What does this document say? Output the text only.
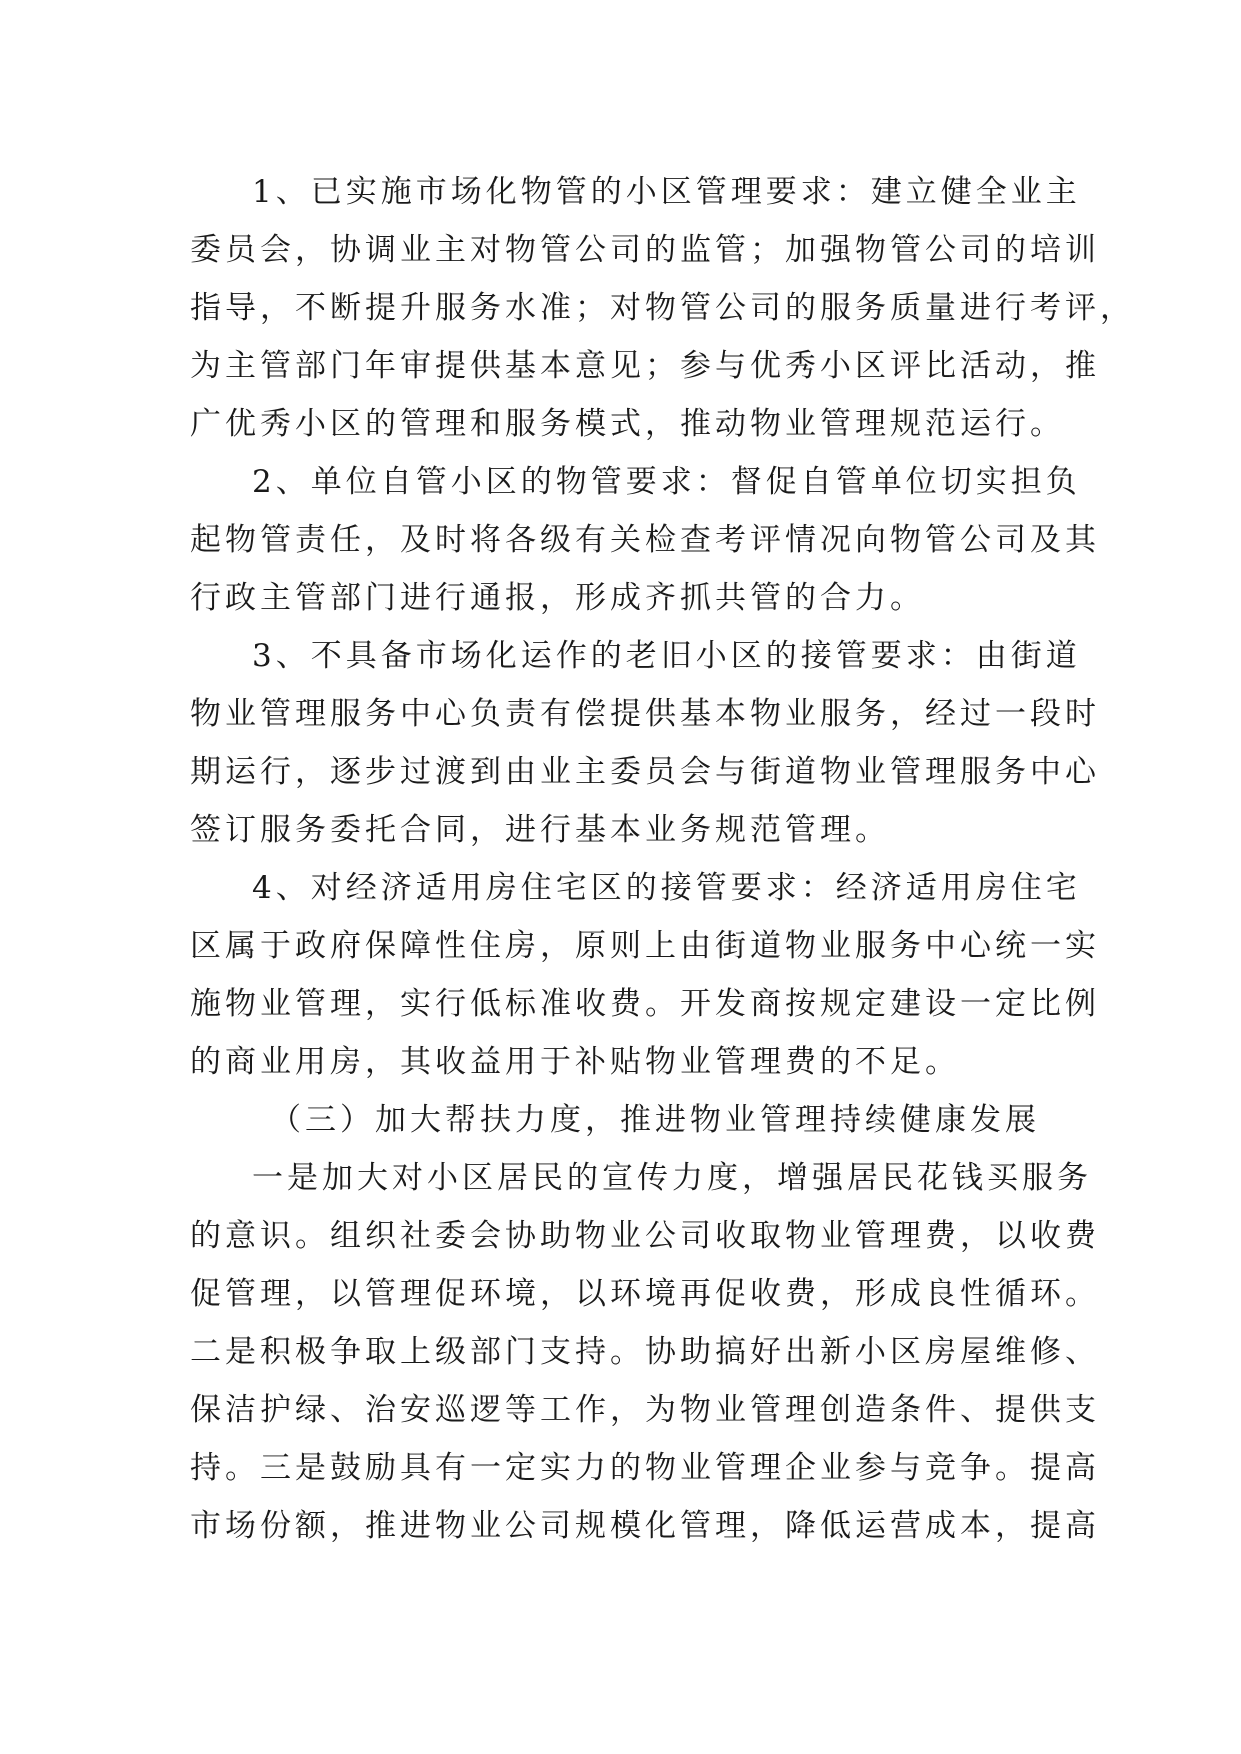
1、已实施市场化物管的小区管理要求：建立健全业主
委员会，协调业主对物管公司的监管；加强物管公司的培训
指导，不断提升服务水准；对物管公司的服务质量进行考评，
为主管部门年审提供基本意见；参与优秀小区评比活动，推
广优秀小区的管理和服务模式，推动物业管理规范运行。
2、单位自管小区的物管要求：督促自管单位切实担负
起物管责任，及时将各级有关检查考评情况向物管公司及其
行政主管部门进行通报，形成齐抓共管的合力。
3、不具备市场化运作的老旧小区的接管要求：由街道
物业管理服务中心负责有偿提供基本物业服务，经过一段时
期运行，逐步过渡到由业主委员会与街道物业管理服务中心
签订服务委托合同，进行基本业务规范管理。
4、对经济适用房住宅区的接管要求：经济适用房住宅
区属于政府保障性住房，原则上由街道物业服务中心统一实
施物业管理，实行低标准收费。开发商按规定建设一定比例
的商业用房，其收益用于补贴物业管理费的不足。
（三）加大帮扶力度，推进物业管理持续健康发展
一是加大对小区居民的宣传力度，增强居民花钱买服务
的意识。组织社委会协助物业公司收取物业管理费，以收费
促管理，以管理促环境，以环境再促收费，形成良性循环。
二是积极争取上级部门支持。协助搞好出新小区房屋维修、
保洁护绿、治安巡逻等工作，为物业管理创造条件、提供支
持。三是鼓励具有一定实力的物业管理企业参与竞争。提高
市场份额，推进物业公司规模化管理，降低运营成本，提高
